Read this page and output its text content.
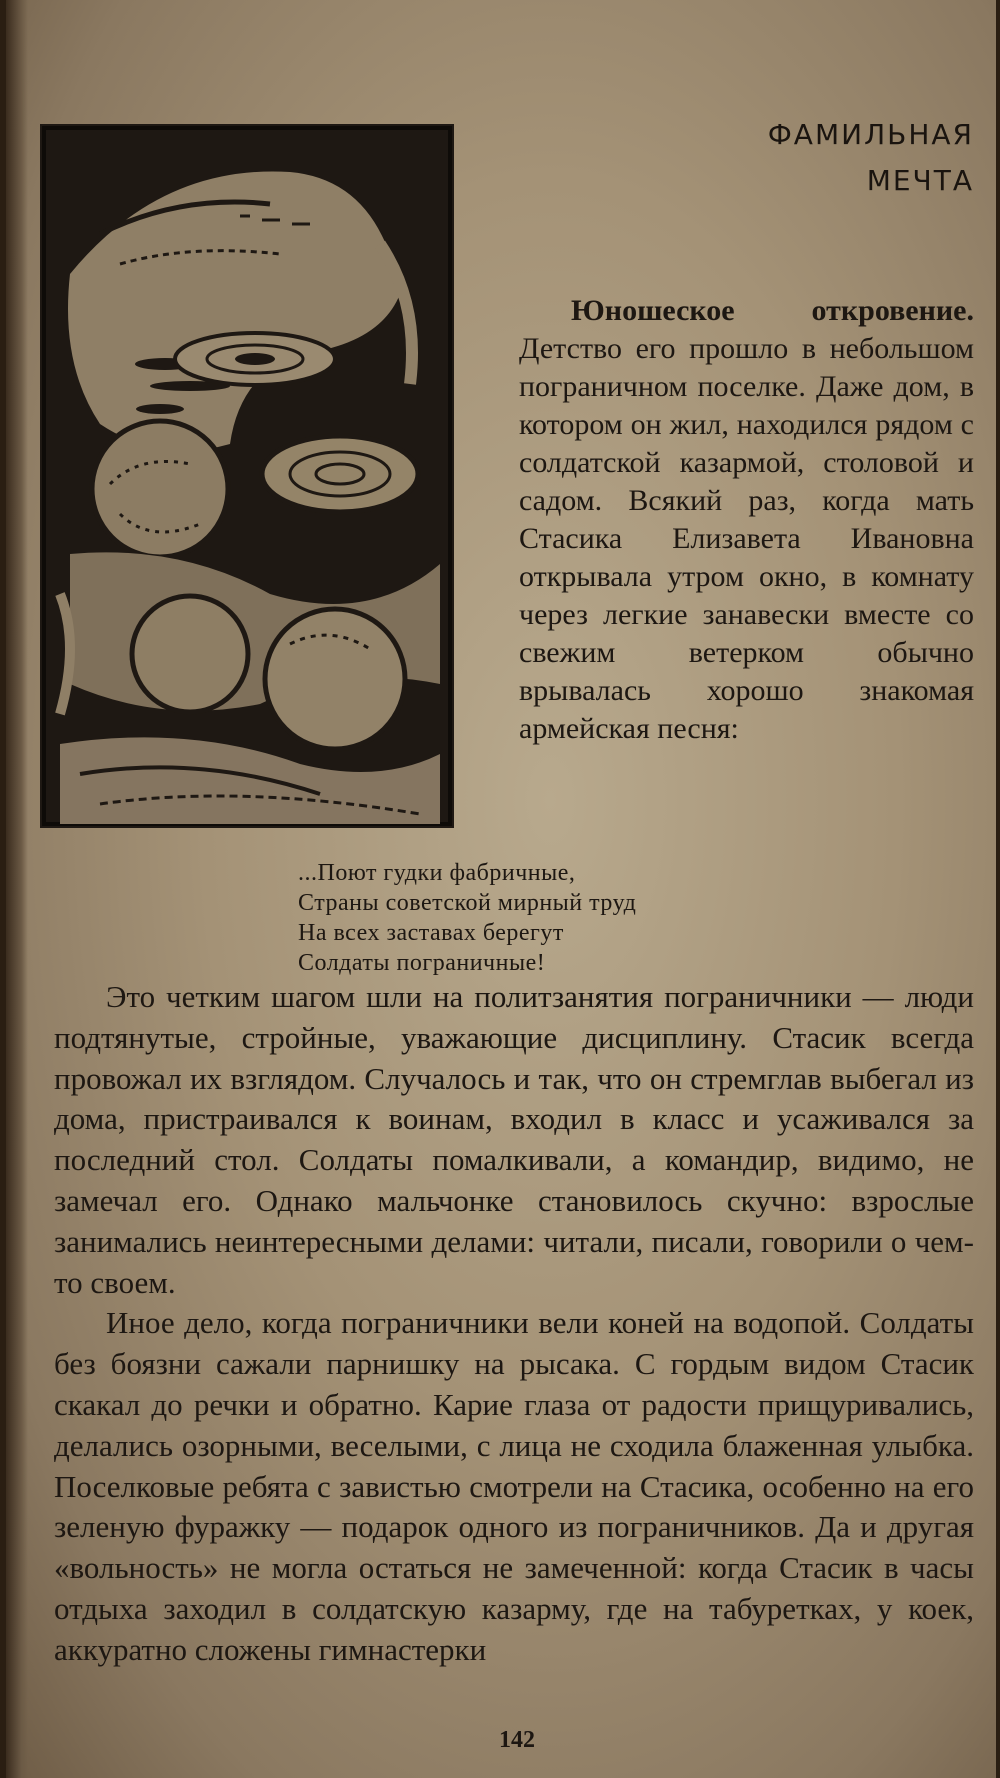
ФАМИЛЬНАЯ
МЕЧТА

Юношеское откровение. Детство его прошло в небольшом пограничном поселке. Даже дом, в котором он жил, находился рядом с солдатской казармой, столовой и садом. Всякий раз, когда мать Стасика Елизавета Ивановна открывала утром окно, в комнату через легкие занавески вместе со свежим ветерком обычно врывалась хорошо знакомая армейская песня:

...Поют гудки фабричные,
Страны советской мирный труд
На всех заставах берегут
Солдаты пограничные!

Это четким шагом шли на политзанятия пограничники — люди подтянутые, стройные, уважающие дисциплину. Стасик всегда провожал их взглядом. Случалось и так, что он стремглав выбегал из дома, пристраивался к воинам, входил в класс и усаживался за последний стол. Солдаты помалкивали, а командир, видимо, не замечал его. Однако мальчонке становилось скучно: взрослые занимались неинтересными делами: читали, писали, говорили о чем-то своем.

Иное дело, когда пограничники вели коней на водопой. Солдаты без боязни сажали парнишку на рысака. С гордым видом Стасик скакал до речки и обратно. Карие глаза от радости прищуривались, делались озорными, веселыми, с лица не сходила блаженная улыбка. Поселковые ребята с завистью смотрели на Стасика, особенно на его зеленую фуражку — подарок одного из пограничников. Да и другая «вольность» не могла остаться не замеченной: когда Стасик в часы отдыха заходил в солдатскую казарму, где на табуретках, у коек, аккуратно сложены гимнастерки

142
